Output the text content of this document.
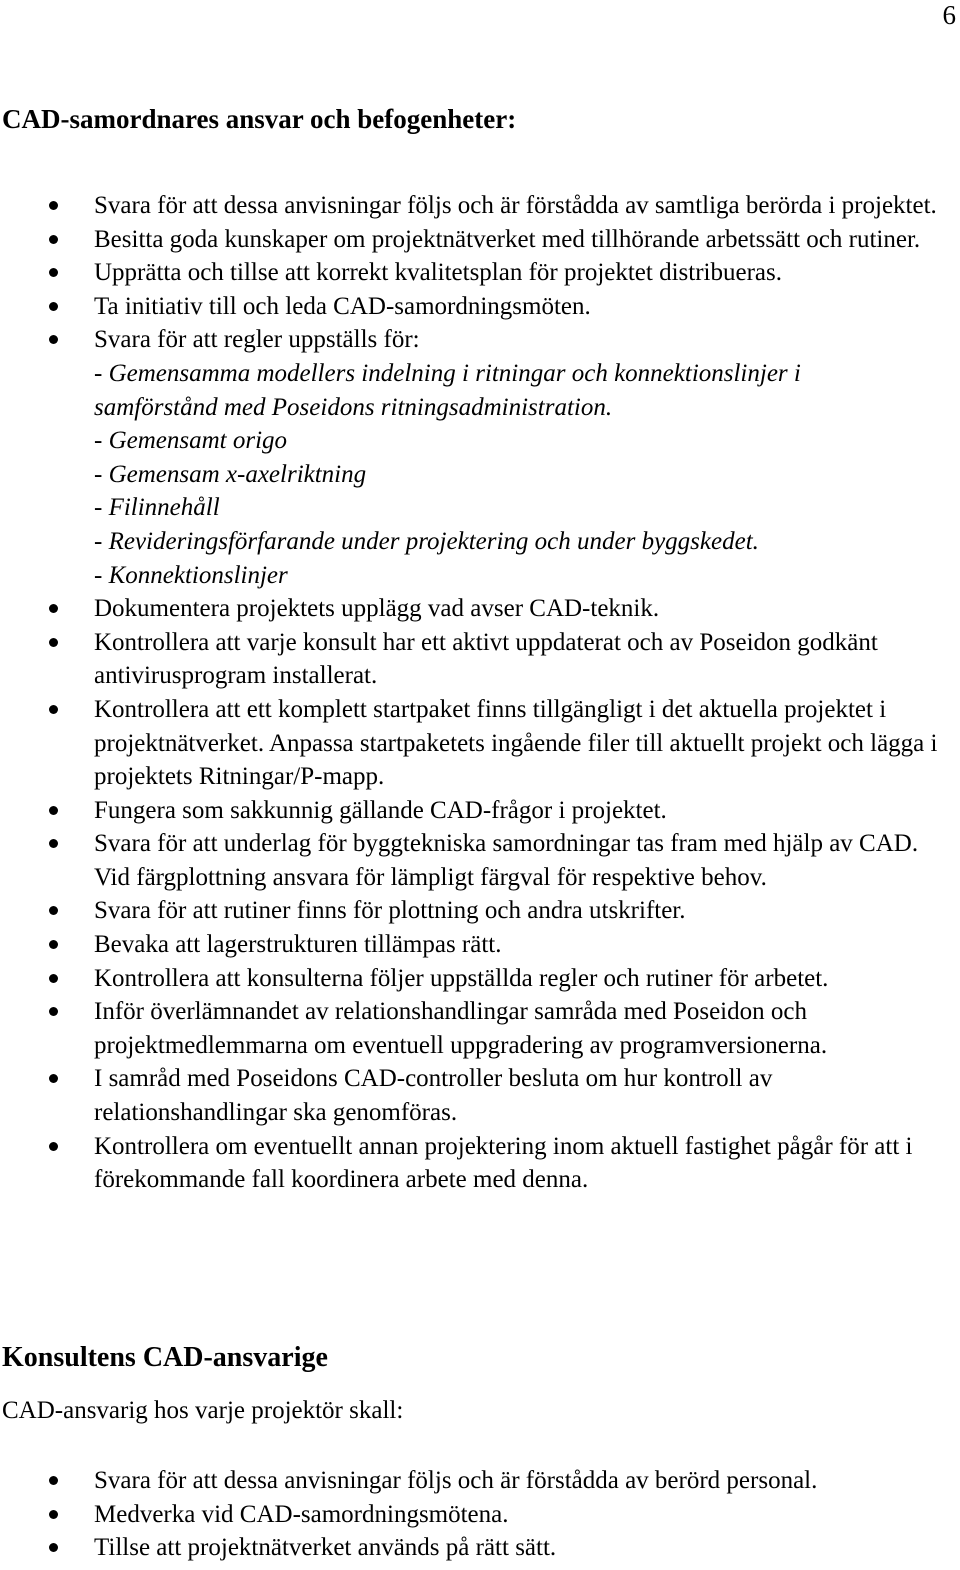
6
CAD-samordnares ansvar och befogenheter:
Svara för att dessa anvisningar följs och är förstådda av samtliga berörda i projektet.
Besitta goda kunskaper om projektnätverket med tillhörande arbetssätt och rutiner.
Upprätta och tillse att korrekt kvalitetsplan för projektet distribueras.
Ta initiativ till och leda CAD-samordningsmöten.
Svara för att regler uppställs för:
- Gemensamma modellers indelning i ritningar och konnektionslinjer i
samförstånd med Poseidons ritningsadministration.
- Gemensamt origo
- Gemensam x-axelriktning
- Filinnehåll
- Revideringsförfarande under projektering och under byggskedet.
- Konnektionslinjer
Dokumentera projektets upplägg vad avser CAD-teknik.
Kontrollera att varje konsult har ett aktivt uppdaterat och av Poseidon godkänt antivirusprogram installerat.
Kontrollera att ett komplett startpaket finns tillgängligt i det aktuella projektet i projektnätverket. Anpassa startpaketets ingående filer till aktuellt projekt och lägga i projektets Ritningar/P-mapp.
Fungera som sakkunnig gällande CAD-frågor i projektet.
Svara för att underlag för byggtekniska samordningar tas fram med hjälp av CAD. Vid färgplottning ansvara för lämpligt färgval för respektive behov.
Svara för att rutiner finns för plottning och andra utskrifter.
Bevaka att lagerstrukturen tillämpas rätt.
Kontrollera att konsulterna följer uppställda regler och rutiner för arbetet.
Inför överlämnandet av relationshandlingar samråda med Poseidon och projektmedlemmarna om eventuell uppgradering av programversionerna.
I samråd med Poseidons CAD-controller besluta om hur kontroll av relationshandlingar ska genomföras.
Kontrollera om eventuellt annan projektering inom aktuell fastighet pågår för att i förekommande fall koordinera arbete med denna.
Konsultens CAD-ansvarige

CAD-ansvarig hos varje projektör skall:

Svara för att dessa anvisningar följs och är förstådda av berörd personal.
Medverka vid CAD-samordningsmötena.
Tillse att projektnätverket används på rätt sätt.
